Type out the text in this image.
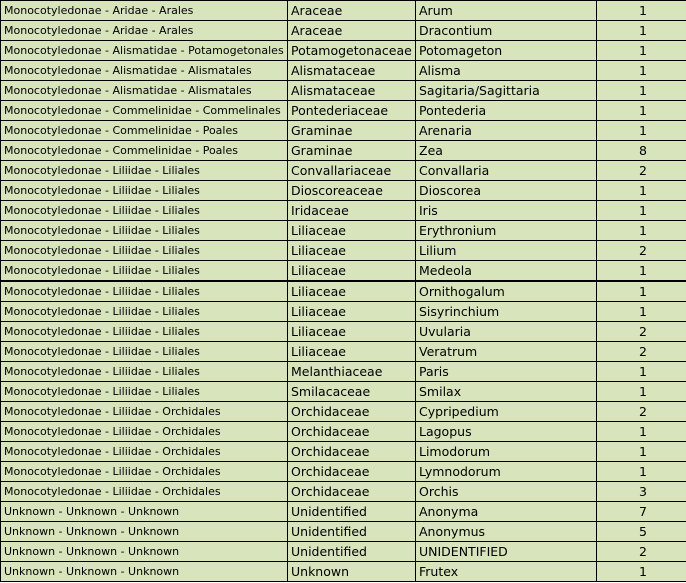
Monocotyledonae - Aridae - Arales	Araceae	Arum	1
Monocotyledonae - Aridae - Arales	Araceae	Dracontium	1
Monocotyledonae - Alismatidae - Potamogetonales	Potamogetonaceae	Potomageton	1
Monocotyledonae - Alismatidae - Alismatales	Alismataceae	Alisma	1
Monocotyledonae - Alismatidae - Alismatales	Alismataceae	Sagitaria/Sagittaria	1
Monocotyledonae - Commelinidae - Commelinales	Pontederiaceae	Pontederia	1
Monocotyledonae - Commelinidae - Poales	Graminae	Arenaria	1
Monocotyledonae - Commelinidae - Poales	Graminae	Zea	8
Monocotyledonae - Liliidae - Liliales	Convallariaceae	Convallaria	2
Monocotyledonae - Liliidae - Liliales	Dioscoreaceae	Dioscorea	1
Monocotyledonae - Liliidae - Liliales	Iridaceae	Iris	1
Monocotyledonae - Liliidae - Liliales	Liliaceae	Erythronium	1
Monocotyledonae - Liliidae - Liliales	Liliaceae	Lilium	2
Monocotyledonae - Liliidae - Liliales	Liliaceae	Medeola	1
Monocotyledonae - Liliidae - Liliales	Liliaceae	Ornithogalum	1
Monocotyledonae - Liliidae - Liliales	Liliaceae	Sisyrinchium	1
Monocotyledonae - Liliidae - Liliales	Liliaceae	Uvularia	2
Monocotyledonae - Liliidae - Liliales	Liliaceae	Veratrum	2
Monocotyledonae - Liliidae - Liliales	Melanthiaceae	Paris	1
Monocotyledonae - Liliidae - Liliales	Smilacaceae	Smilax	1
Monocotyledonae - Liliidae - Orchidales	Orchidaceae	Cypripedium	2
Monocotyledonae - Liliidae - Orchidales	Orchidaceae	Lagopus	1
Monocotyledonae - Liliidae - Orchidales	Orchidaceae	Limodorum	1
Monocotyledonae - Liliidae - Orchidales	Orchidaceae	Lymnodorum	1
Monocotyledonae - Liliidae - Orchidales	Orchidaceae	Orchis	3
Unknown - Unknown - Unknown	Unidentified	Anonyma	7
Unknown - Unknown - Unknown	Unidentified	Anonymus	5
Unknown - Unknown - Unknown	Unidentified	UNIDENTIFIED	2
Unknown - Unknown - Unknown	Unknown	Frutex	1
